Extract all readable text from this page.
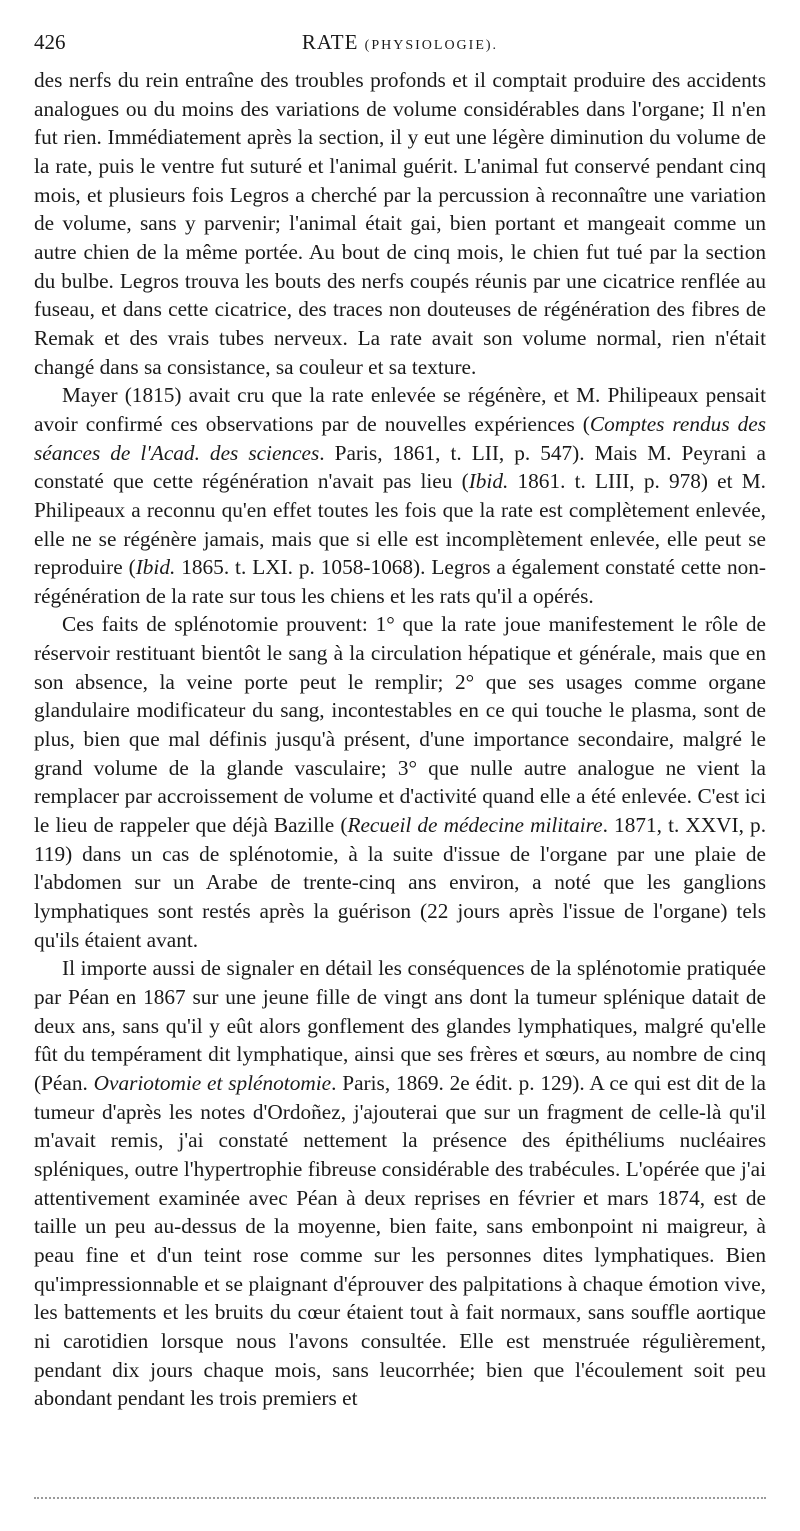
426	RATE (PHYSIOLOGIE).

des nerfs du rein entraîne des troubles profonds et il comptait produire des accidents analogues ou du moins des variations de volume considérables dans l'organe; Il n'en fut rien. Immédiatement après la section, il y eut une légère diminution du volume de la rate, puis le ventre fut suturé et l'animal guérit. L'animal fut conservé pendant cinq mois, et plusieurs fois Legros a cherché par la percussion à reconnaître une variation de volume, sans y parvenir; l'animal était gai, bien portant et mangeait comme un autre chien de la même portée. Au bout de cinq mois, le chien fut tué par la section du bulbe. Legros trouva les bouts des nerfs coupés réunis par une cicatrice renflée au fuseau, et dans cette cicatrice, des traces non douteuses de régénération des fibres de Remak et des vrais tubes nerveux. La rate avait son volume normal, rien n'était changé dans sa consistance, sa couleur et sa texture.

Mayer (1815) avait cru que la rate enlevée se régénère, et M. Philipeaux pensait avoir confirmé ces observations par de nouvelles expériences (Comptes rendus des séances de l'Acad. des sciences. Paris, 1861, t. LII, p. 547). Mais M. Peyrani a constaté que cette régénération n'avait pas lieu (Ibid. 1861. t. LIII, p. 978) et M. Philipeaux a reconnu qu'en effet toutes les fois que la rate est complètement enlevée, elle ne se régénère jamais, mais que si elle est incomplètement enlevée, elle peut se reproduire (Ibid. 1865. t. LXI. p. 1058-1068). Legros a également constaté cette non-régénération de la rate sur tous les chiens et les rats qu'il a opérés.

Ces faits de splénotomie prouvent: 1° que la rate joue manifestement le rôle de réservoir restituant bientôt le sang à la circulation hépatique et générale, mais que en son absence, la veine porte peut le remplir; 2° que ses usages comme organe glandulaire modificateur du sang, incontestables en ce qui touche le plasma, sont de plus, bien que mal définis jusqu'à présent, d'une importance secondaire, malgré le grand volume de la glande vasculaire; 3° que nulle autre analogue ne vient la remplacer par accroissement de volume et d'activité quand elle a été enlevée. C'est ici le lieu de rappeler que déjà Bazille (Recueil de médecine militaire. 1871, t. XXVI, p. 119) dans un cas de splénotomie, à la suite d'issue de l'organe par une plaie de l'abdomen sur un Arabe de trente-cinq ans environ, a noté que les ganglions lymphatiques sont restés après la guérison (22 jours après l'issue de l'organe) tels qu'ils étaient avant.

Il importe aussi de signaler en détail les conséquences de la splénotomie pratiquée par Péan en 1867 sur une jeune fille de vingt ans dont la tumeur splénique datait de deux ans, sans qu'il y eût alors gonflement des glandes lymphatiques, malgré qu'elle fût du tempérament dit lymphatique, ainsi que ses frères et sœurs, au nombre de cinq (Péan. Ovariotomie et splénotomie. Paris, 1869. 2e édit. p. 129). A ce qui est dit de la tumeur d'après les notes d'Ordoñez, j'ajouterai que sur un fragment de celle-là qu'il m'avait remis, j'ai constaté nettement la présence des épithéliums nucléaires spléniques, outre l'hypertrophie fibreuse considérable des trabécules. L'opérée que j'ai attentivement examinée avec Péan à deux reprises en février et mars 1874, est de taille un peu au-dessus de la moyenne, bien faite, sans embonpoint ni maigreur, à peau fine et d'un teint rose comme sur les personnes dites lymphatiques. Bien qu'impressionnable et se plaignant d'éprouver des palpitations à chaque émotion vive, les battements et les bruits du cœur étaient tout à fait normaux, sans souffle aortique ni carotidien lorsque nous l'avons consultée. Elle est menstruée régulièrement, pendant dix jours chaque mois, sans leucorrhée; bien que l'écoulement soit peu abondant pendant les trois premiers et
